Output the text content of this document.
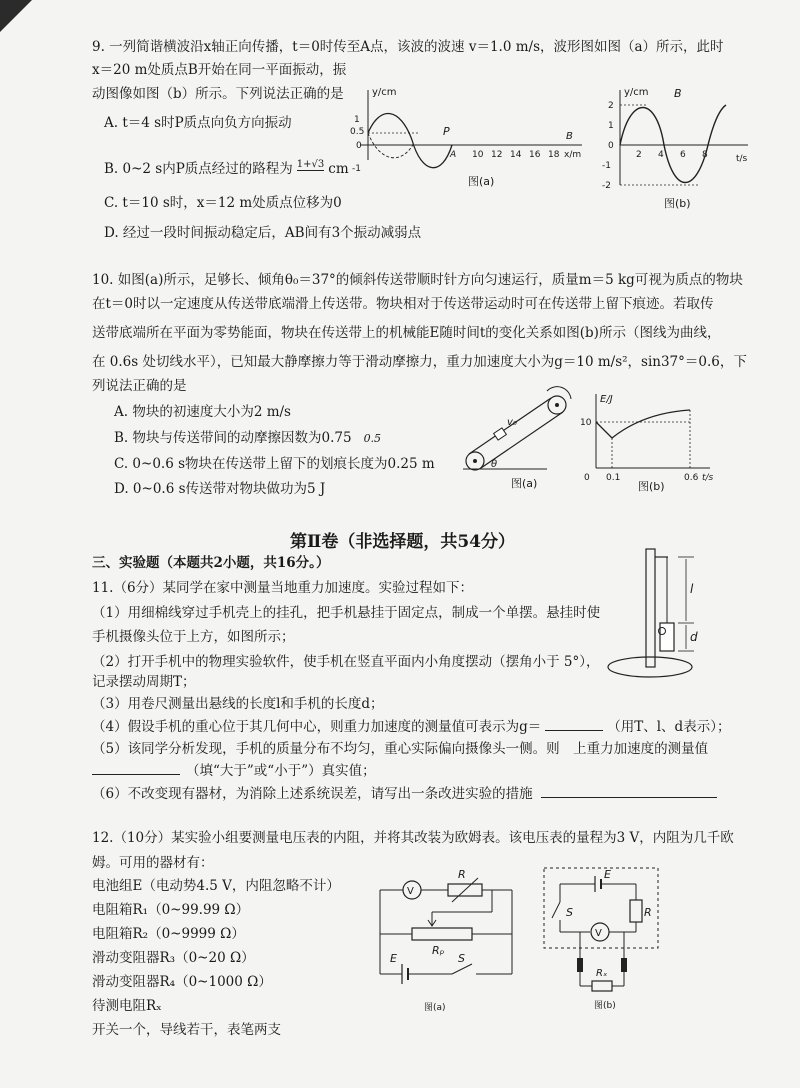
9. 一列简谐横波沿x轴正向传播，t＝0时传至A点，该波的波速 v＝1.0 m/s，波形图如图（a）所示，此时
x＝20 m处质点B开始在同一平面振动，振
动图像如图（b）所示。下列说法正确的是
A. t＝4 s时P质点向负方向振动
B. 0~2 s内P质点经过的路程为 $^{1+√3}$ cm
C. t＝10 s时，x＝12 m处质点位移为0
D. 经过一段时间振动稳定后，AB间有3个振动减弱点
y/cm
x/m
1
0.5
0
-1
10 12 14 16 18
P
A
B
图(a)
y/cm B
t/s
2
1
0
-1
-2
2 4 6 8
图(b)
10. 如图(a)所示，足够长、倾角θ₀＝37°的倾斜传送带顺时针方向匀速运行，质量m＝5 kg可视为质点的物块
在t＝0时以一定速度从传送带底端滑上传送带。物块相对于传送带运动时可在传送带上留下痕迹。若取传
送带底端所在平面为零势能面，物块在传送带上的机械能E随时间t的变化关系如图(b)所示（图线为曲线，
在 0.6s 处切线水平），已知最大静摩擦力等于滑动摩擦力，重力加速度大小为g＝10 m/s²，sin37°＝0.6，下
列说法正确的是
A. 物块的初速度大小为2 m/s
B. 物块与传送带间的动摩擦因数为0.75 0.5
C. 0~0.6 s物块在传送带上留下的划痕长度为0.25 m
D. 0~0.6 s传送带对物块做功为5 J
v₀
θ
图(a)
E/J
t/s
10
0 0.1	0.6
图(b)
第Ⅱ卷（非选择题，共54分）
三、实验题（本题共2小题，共16分。）
11.（6分）某同学在家中测量当地重力加速度。实验过程如下：
（1）用细棉线穿过手机壳上的挂孔，把手机悬挂于固定点，制成一个单摆。悬挂时使
手机摄像头位于上方，如图所示；
（2）打开手机中的物理实验软件，使手机在竖直平面内小角度摆动（摆角小于 5°），
记录摆动周期T；
（3）用卷尺测量出悬线的长度l和手机的长度d；
（4）假设手机的重心位于其几何中心，则重力加速度的测量值可表示为g＝	（用T、l、d表示）；
（5）该同学分析发现，手机的质量分布不均匀，重心实际偏向摄像头一侧。则　上重力加速度的测量值
（填“大于”或“小于”）真实值；
（6）不改变现有器材，为消除上述系统误差，请写出一条改进实验的措施
l
d
12.（10分）某实验小组要测量电压表的内阻，并将其改装为欧姆表。该电压表的量程为3 V，内阻为几千欧
姆。可用的器材有：
电池组E（电动势4.5 V，内阻忽略不计）
电阻箱R₁（0~99.99 Ω）
电阻箱R₂（0~9999 Ω）
滑动变阻器R₃（0~20 Ω）
滑动变阻器R₄（0~1000 Ω）
待测电阻Rₓ
开关一个，导线若干，表笔两支
V
R
Rₚ
E	S
图(a)
E
S	R
V
Rₓ
图(b)
